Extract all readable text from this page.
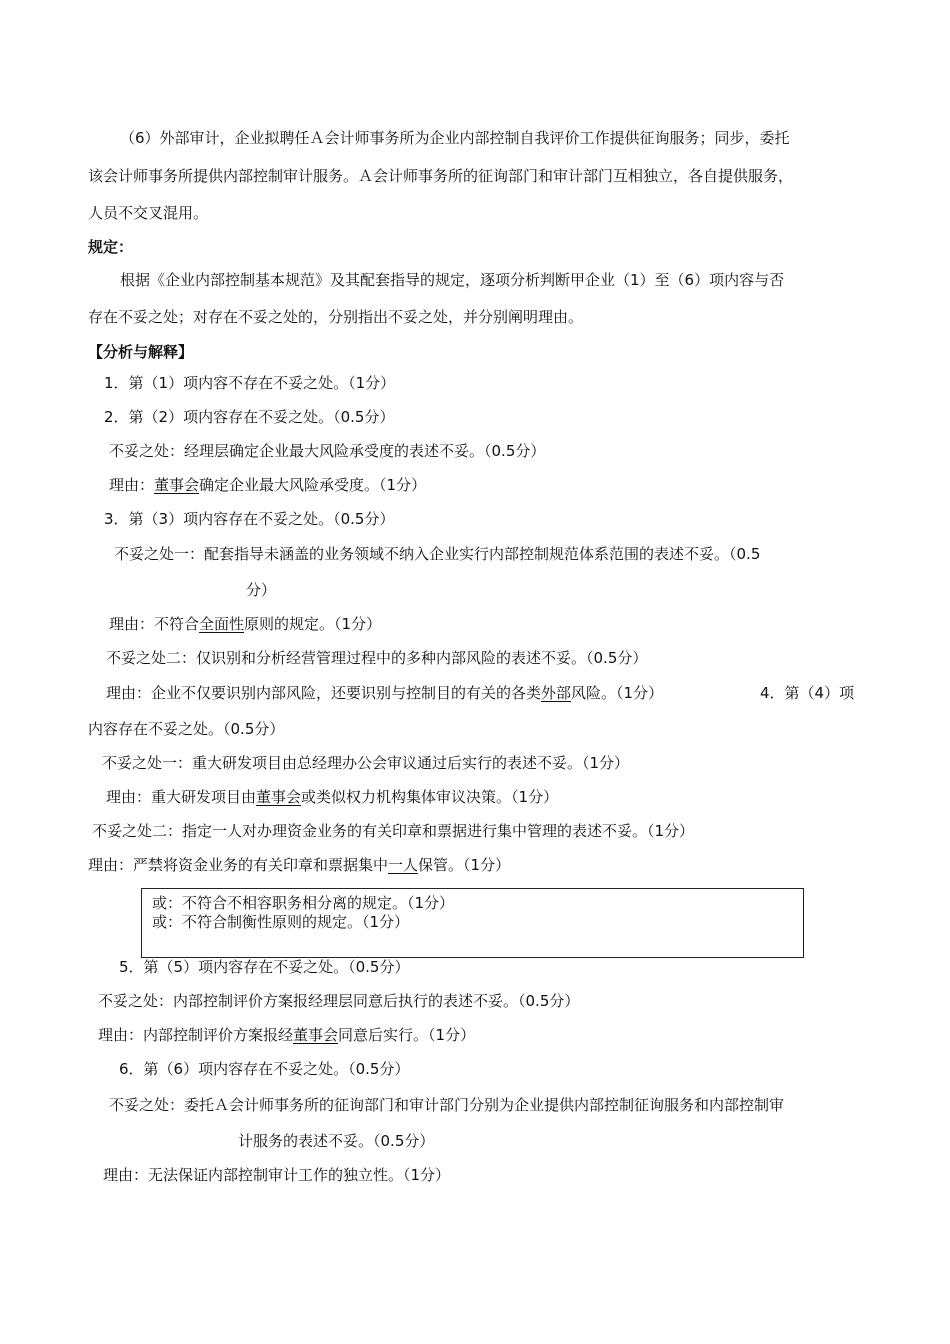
（6）外部审计，企业拟聘任Ａ会计师事务所为企业内部控制自我评价工作提供征询服务；同步，委托
该会计师事务所提供内部控制审计服务。Ａ会计师事务所的征询部门和审计部门互相独立，各自提供服务，
人员不交叉混用。
规定：
根据《企业内部控制基本规范》及其配套指导的规定，逐项分析判断甲企业（1）至（6）项内容与否
存在不妥之处；对存在不妥之处的，分别指出不妥之处，并分别阐明理由。
【分析与解释】
1．第（1）项内容不存在不妥之处。（1分）
2．第（2）项内容存在不妥之处。（0.5分）
不妥之处：经理层确定企业最大风险承受度的表述不妥。（0.5分）
理由：董事会确定企业最大风险承受度。（1分）
3．第（3）项内容存在不妥之处。（0.5分）
不妥之处一：配套指导未涵盖的业务领域不纳入企业实行内部控制规范体系范围的表述不妥。（0.5
分）
理由：不符合全面性原则的规定。（1分）
不妥之处二：仅识别和分析经营管理过程中的多种内部风险的表述不妥。（0.5分）
理由：企业不仅要识别内部风险，还要识别与控制目的有关的各类外部风险。（1分）	4．第（4）项
内容存在不妥之处。（0.5分）
不妥之处一：重大研发项目由总经理办公会审议通过后实行的表述不妥。（1分）
理由：重大研发项目由董事会或类似权力机构集体审议决策。（1分）
不妥之处二：指定一人对办理资金业务的有关印章和票据进行集中管理的表述不妥。（1分）
理由：严禁将资金业务的有关印章和票据集中一人保管。（1分）
5．第（5）项内容存在不妥之处。（0.5分）
或：不符合不相容职务相分离的规定。（1分）
或：不符合制衡性原则的规定。（1分）
不妥之处：内部控制评价方案报经理层同意后执行的表述不妥。（0.5分）
理由：内部控制评价方案报经董事会同意后实行。（1分）
6．第（6）项内容存在不妥之处。（0.5分）
不妥之处：委托Ａ会计师事务所的征询部门和审计部门分别为企业提供内部控制征询服务和内部控制审
计服务的表述不妥。（0.5分）
理由：无法保证内部控制审计工作的独立性。（1分）
